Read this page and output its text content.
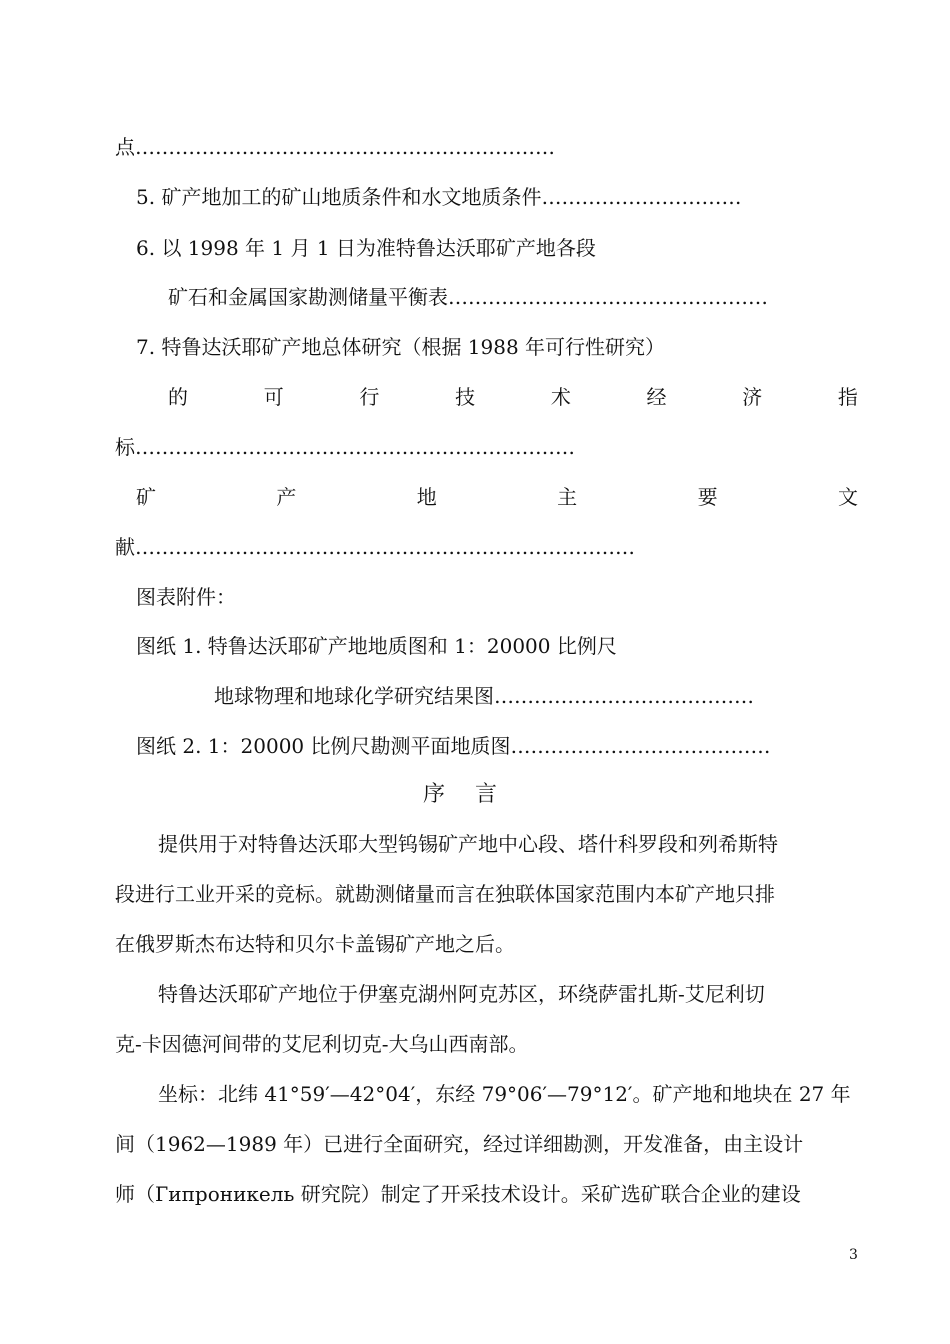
点………………………………………………………
5. 矿产地加工的矿山地质条件和水文地质条件…………………………
6. 以 1998 年 1 月 1 日为准特鲁达沃耶矿产地各段
矿石和金属国家勘测储量平衡表…………………………………………
7. 特鲁达沃耶矿产地总体研究（根据 1988 年可行性研究）
的	可	行	技	术	经	济	指
标…………………………………………………………
矿	产	地	主	要	文
献…………………………………………………………………
图表附件：
图纸 1. 特鲁达沃耶矿产地地质图和 1：20000 比例尺
地球物理和地球化学研究结果图…………………………………
图纸 2. 1：20000 比例尺勘测平面地质图…………………………………
序言
提供用于对特鲁达沃耶大型钨锡矿产地中心段、塔什科罗段和列希斯特
段进行工业开采的竞标。就勘测储量而言在独联体国家范围内本矿产地只排
在俄罗斯杰布达特和贝尔卡盖锡矿产地之后。
特鲁达沃耶矿产地位于伊塞克湖州阿克苏区，环绕萨雷扎斯-艾尼利切
克-卡因德河间带的艾尼利切克-大乌山西南部。
坐标：北纬 41°59′—42°04′，东经 79°06′—79°12′。矿产地和地块在 27 年
间（1962—1989 年）已进行全面研究，经过详细勘测，开发准备，由主设计
师（Гипроникель 研究院）制定了开采技术设计。采矿选矿联合企业的建设
3
